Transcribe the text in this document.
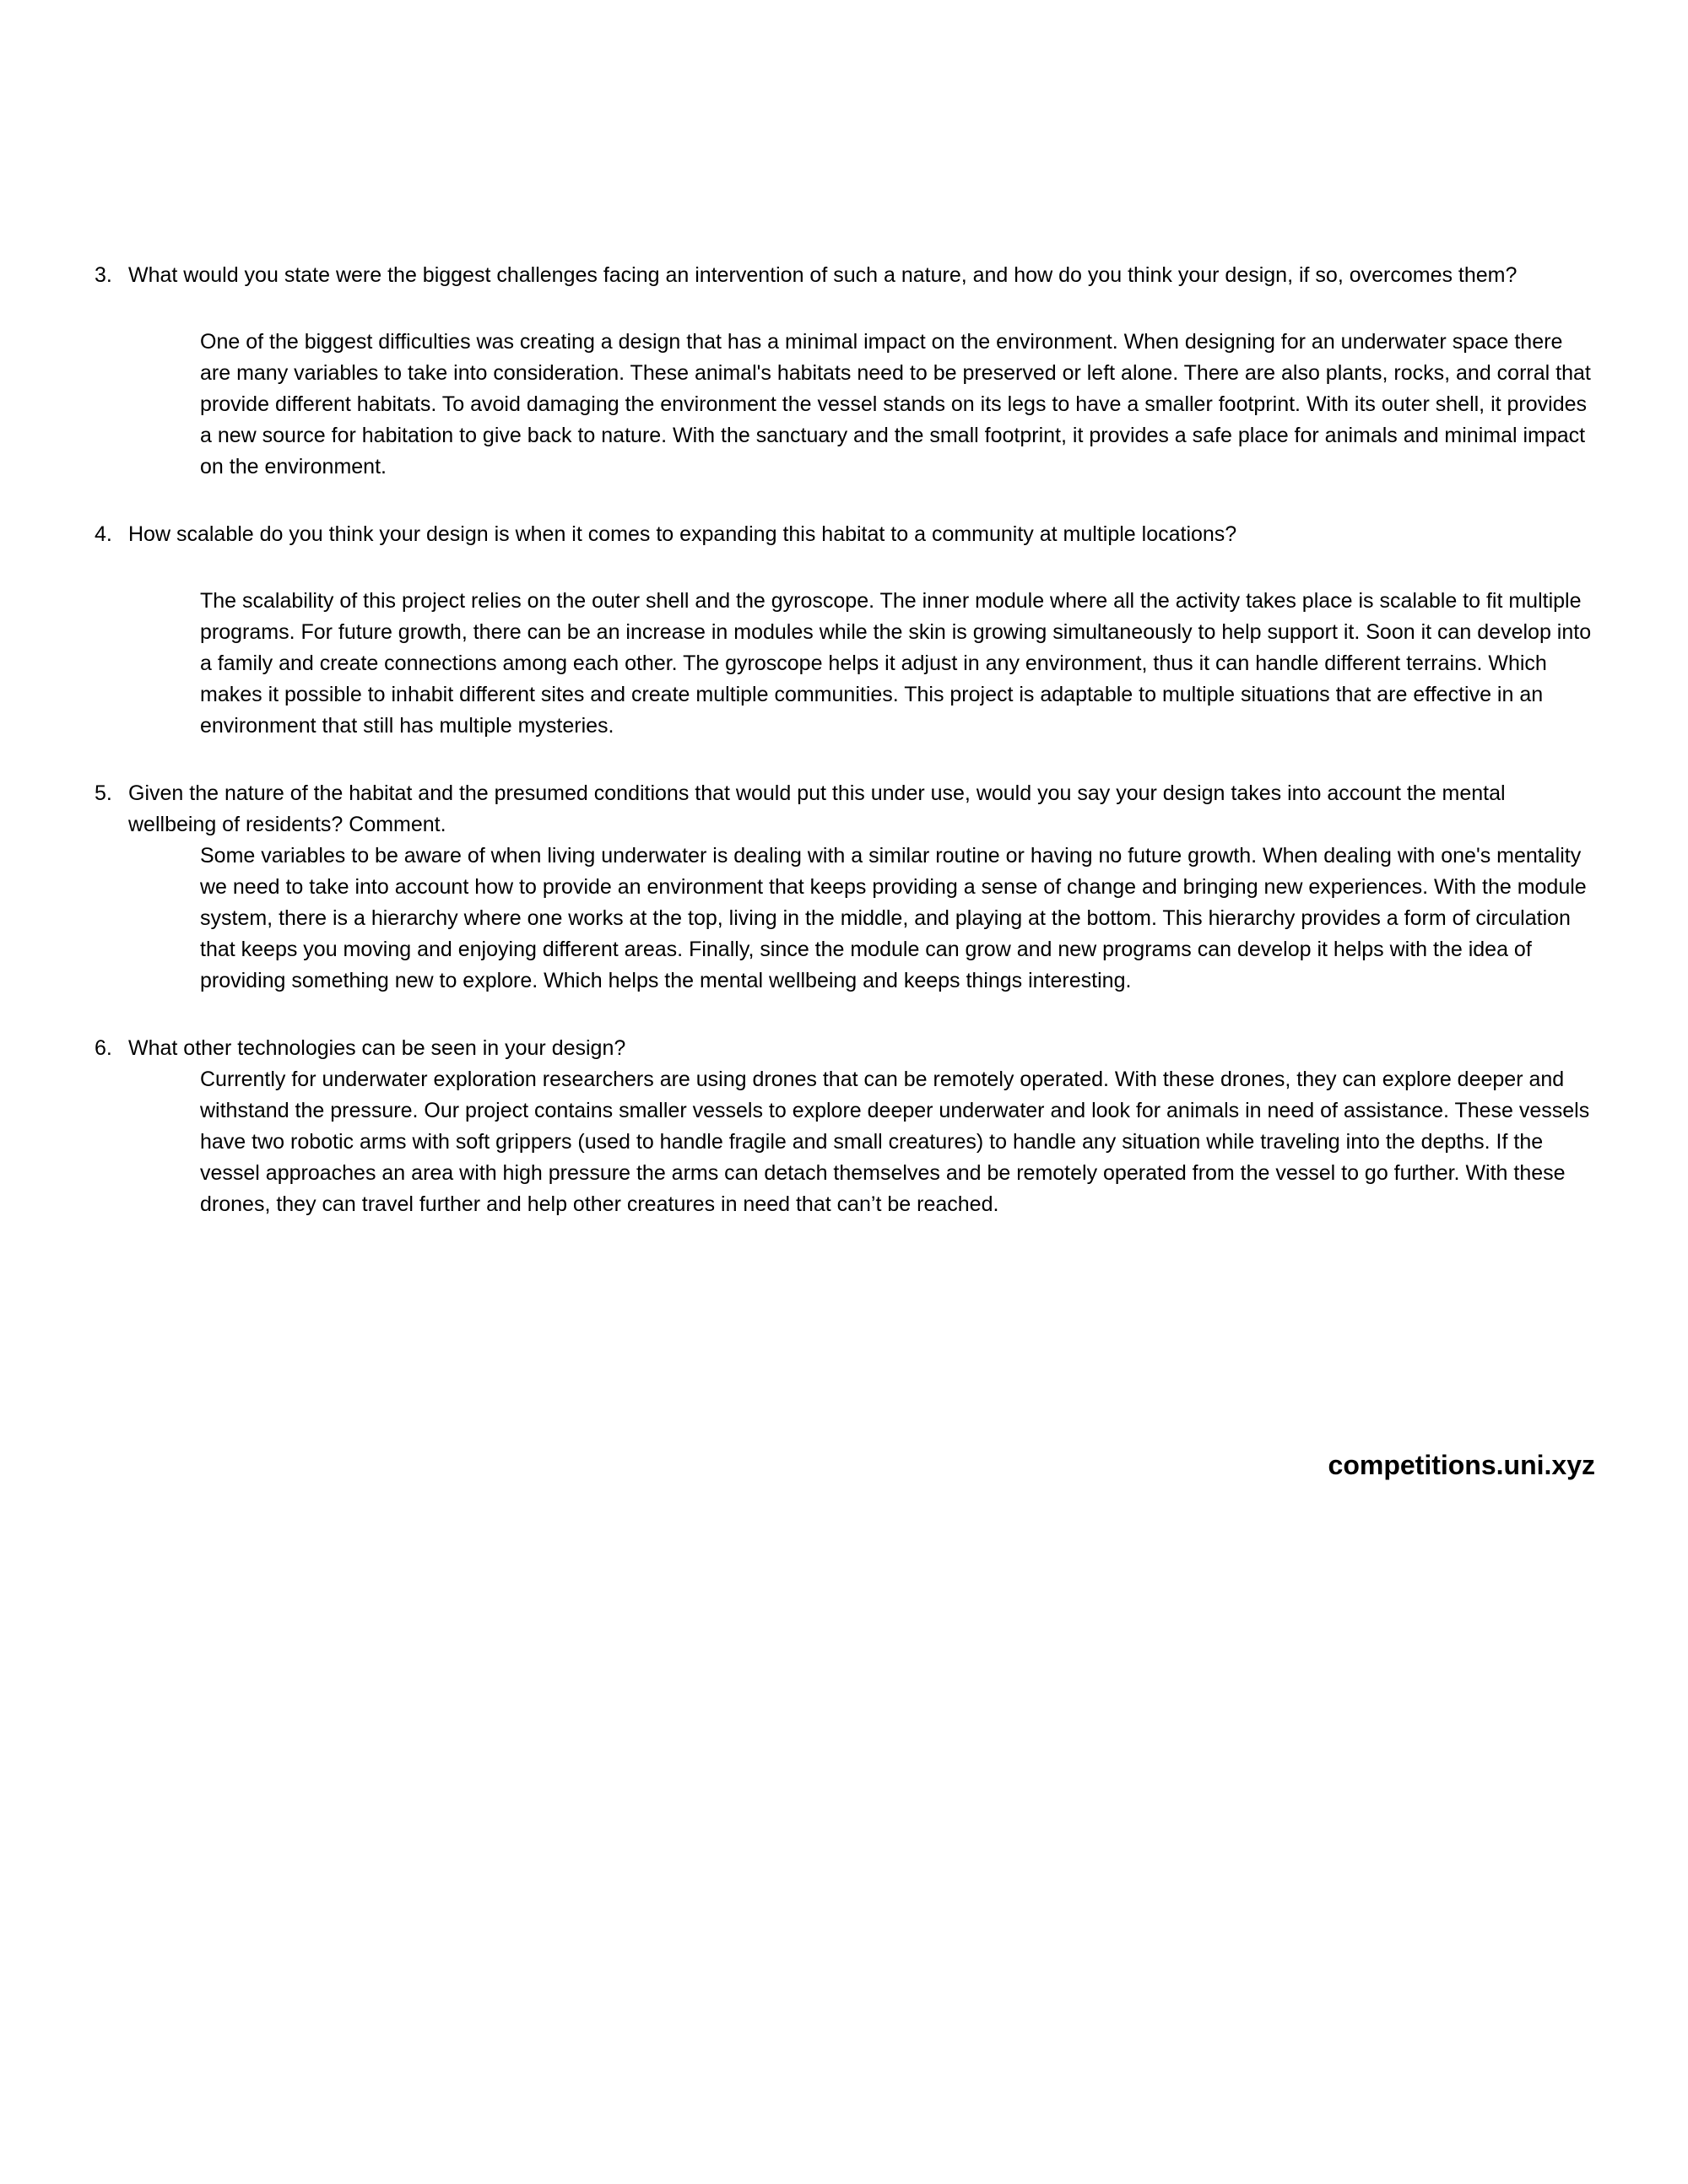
3. What would you state were the biggest challenges facing an intervention of such a nature, and how do you think your design, if so, overcomes them?

One of the biggest difficulties was creating a design that has a minimal impact on the environment. When designing for an underwater space there are many variables to take into consideration. These animal's habitats need to be preserved or left alone. There are also plants, rocks, and corral that provide different habitats. To avoid damaging the environment the vessel stands on its legs to have a smaller footprint. With its outer shell, it provides a new source for habitation to give back to nature. With the sanctuary and the small footprint, it provides a safe place for animals and minimal impact on the environment.

4. How scalable do you think your design is when it comes to expanding this habitat to a community at multiple locations?

The scalability of this project relies on the outer shell and the gyroscope. The inner module where all the activity takes place is scalable to fit multiple programs. For future growth, there can be an increase in modules while the skin is growing simultaneously to help support it. Soon it can develop into a family and create connections among each other. The gyroscope helps it adjust in any environment, thus it can handle different terrains. Which makes it possible to inhabit different sites and create multiple communities. This project is adaptable to multiple situations that are effective in an environment that still has multiple mysteries.

5. Given the nature of the habitat and the presumed conditions that would put this under use, would you say your design takes into account the mental wellbeing of residents? Comment.

Some variables to be aware of when living underwater is dealing with a similar routine or having no future growth. When dealing with one's mentality we need to take into account how to provide an environment that keeps providing a sense of change and bringing new experiences. With the module system, there is a hierarchy where one works at the top, living in the middle, and playing at the bottom. This hierarchy provides a form of circulation that keeps you moving and enjoying different areas. Finally, since the module can grow and new programs can develop it helps with the idea of providing something new to explore. Which helps the mental wellbeing and keeps things interesting.

6. What other technologies can be seen in your design?

Currently for underwater exploration researchers are using drones that can be remotely operated. With these drones, they can explore deeper and withstand the pressure. Our project contains smaller vessels to explore deeper underwater and look for animals in need of assistance. These vessels have two robotic arms with soft grippers (used to handle fragile and small creatures) to handle any situation while traveling into the depths. If the vessel approaches an area with high pressure the arms can detach themselves and be remotely operated from the vessel to go further. With these drones, they can travel further and help other creatures in need that can’t be reached.

competitions.uni.xyz
